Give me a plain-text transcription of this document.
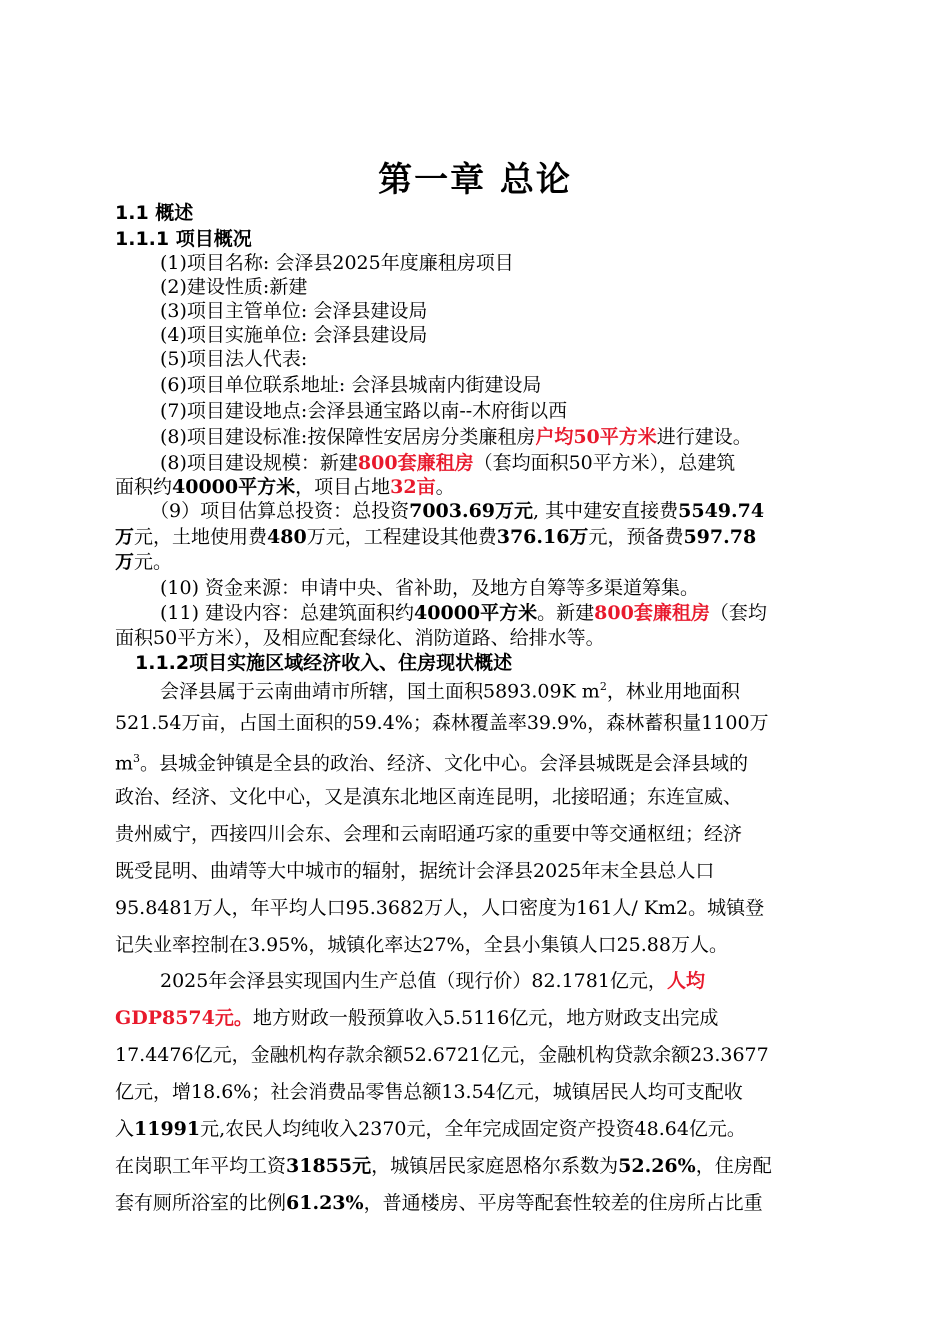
第一章 总论
1.1 概述
1.1.1 项目概况
(1)项目名称: 会泽县2025年度廉租房项目
(2)建设性质:新建
(3)项目主管单位: 会泽县建设局
(4)项目实施单位: 会泽县建设局
(5)项目法人代表:
(6)项目单位联系地址: 会泽县城南内街建设局
(7)项目建设地点:会泽县通宝路以南--木府街以西
(8)项目建设标准:按保障性安居房分类廉租房户均50平方米进行建设。
(8)项目建设规模：新建800套廉租房（套均面积50平方米），总建筑
面积约40000平方米，项目占地32亩。
（9）项目估算总投资：总投资7003.69万元, 其中建安直接费5549.74
万元，土地使用费480万元，工程建设其他费376.16万元，预备费597.78
万元。
(10) 资金来源：申请中央、省补助，及地方自筹等多渠道筹集。
(11) 建设内容：总建筑面积约40000平方米。新建800套廉租房（套均
面积50平方米），及相应配套绿化、消防道路、给排水等。
1.1.2项目实施区域经济收入、住房现状概述
会泽县属于云南曲靖市所辖，国土面积5893.09K $m^2$，林业用地面积
521.54万亩，占国土面积的59.4%；森林覆盖率39.9%，森林蓄积量1100万
$m^3$。县城金钟镇是全县的政治、经济、文化中心。会泽县城既是会泽县域的
政治、经济、文化中心，又是滇东北地区南连昆明，北接昭通；东连宣威、
贵州威宁，西接四川会东、会理和云南昭通巧家的重要中等交通枢纽；经济
既受昆明、曲靖等大中城市的辐射，据统计会泽县2025年末全县总人口
95.8481万人，年平均人口95.3682万人，人口密度为161人/ Km2。城镇登
记失业率控制在3.95%，城镇化率达27%，全县小集镇人口25.88万人。
2025年会泽县实现国内生产总值（现行价）82.1781亿元，人均
GDP8574元。地方财政一般预算收入5.5116亿元，地方财政支出完成
17.4476亿元，金融机构存款余额52.6721亿元，金融机构贷款余额23.3677
亿元，增18.6%；社会消费品零售总额13.54亿元，城镇居民人均可支配收
入11991元,农民人均纯收入2370元，全年完成固定资产投资48.64亿元。
在岗职工年平均工资31855元，城镇居民家庭恩格尔系数为52.26%，住房配
套有厕所浴室的比例61.23%，普通楼房、平房等配套性较差的住房所占比重
